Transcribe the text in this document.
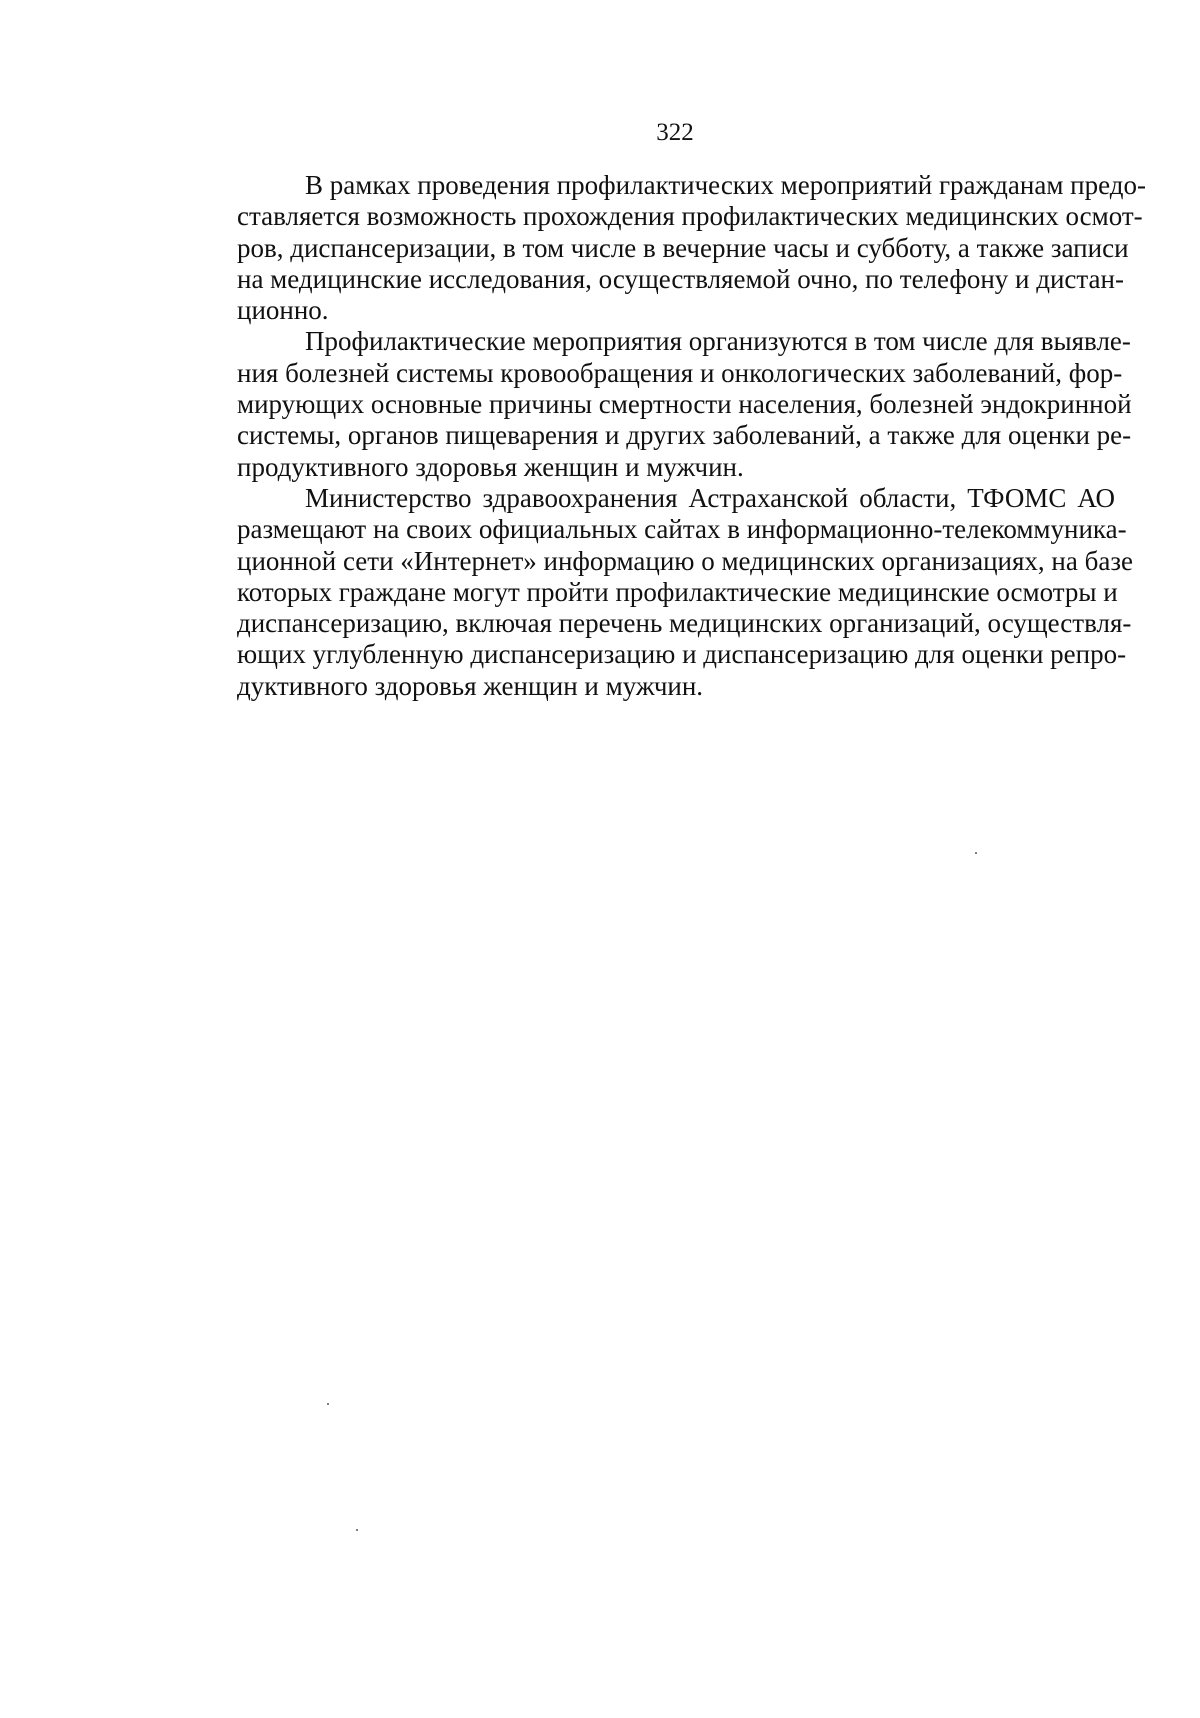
322

В рамках проведения профилактических мероприятий гражданам предо-
ставляется возможность прохождения профилактических медицинских осмот-
ров, диспансеризации, в том числе в вечерние часы и субботу, а также записи
на медицинские исследования, осуществляемой очно, по телефону и дистан-
ционно.

Профилактические мероприятия организуются в том числе для выявле-
ния болезней системы кровообращения и онкологических заболеваний, фор-
мирующих основные причины смертности населения, болезней эндокринной
системы, органов пищеварения и других заболеваний, а также для оценки ре-
продуктивного здоровья женщин и мужчин.

Министерство здравоохранения Астраханской области, ТФОМС АО
размещают на своих официальных сайтах в информационно-телекоммуника-
ционной сети «Интернет» информацию о медицинских организациях, на базе
которых граждане могут пройти профилактические медицинские осмотры и
диспансеризацию, включая перечень медицинских организаций, осуществля-
ющих углубленную диспансеризацию и диспансеризацию для оценки репро-
дуктивного здоровья женщин и мужчин.
